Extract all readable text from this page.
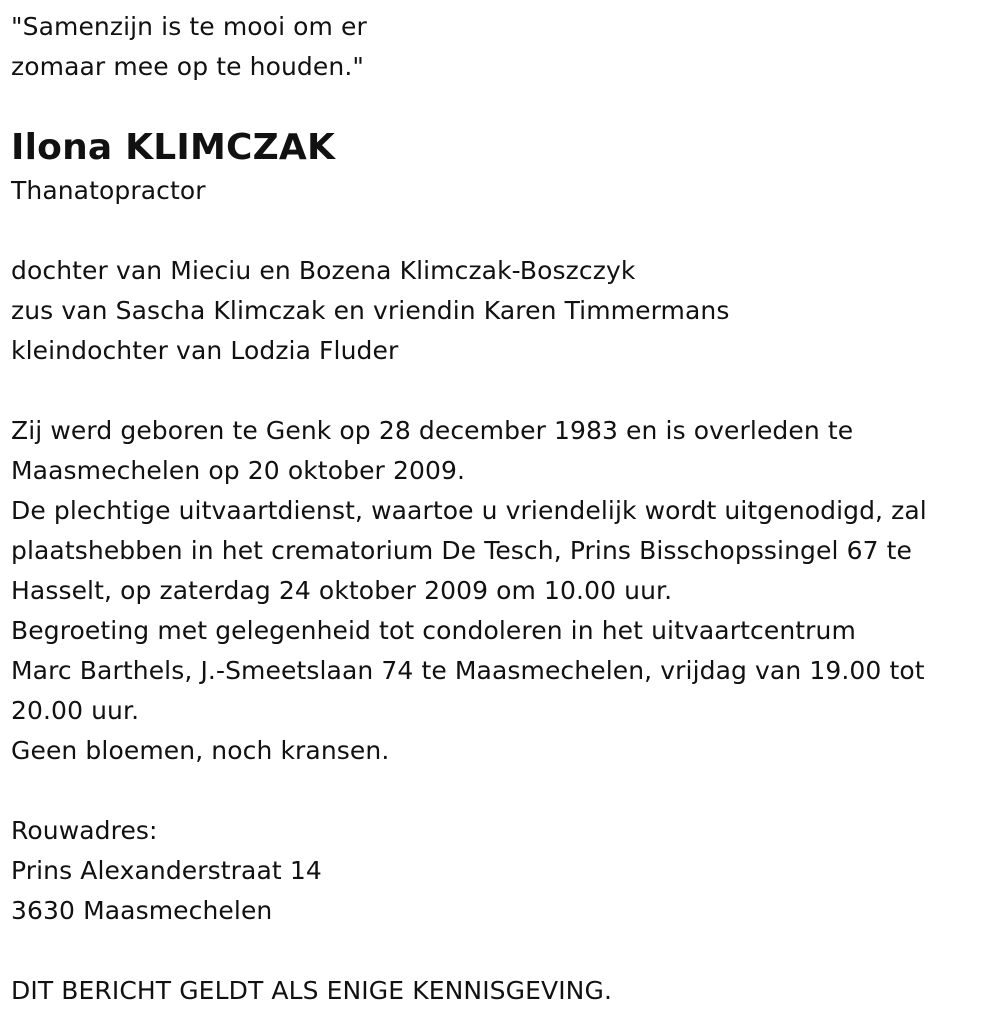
"Samenzijn is te mooi om er
zomaar mee op te houden."
Ilona KLIMCZAK
Thanatopractor
dochter van Mieciu en Bozena Klimczak-Boszczyk
zus van Sascha Klimczak en vriendin Karen Timmermans
kleindochter van Lodzia Fluder
Zij werd geboren te Genk op 28 december 1983 en is overleden te
Maasmechelen op 20 oktober 2009.
De plechtige uitvaartdienst, waartoe u vriendelijk wordt uitgenodigd, zal
plaatshebben in het crematorium De Tesch, Prins Bisschopssingel 67 te
Hasselt, op zaterdag 24 oktober 2009 om 10.00 uur.
Begroeting met gelegenheid tot condoleren in het uitvaartcentrum
Marc Barthels, J.-Smeetslaan 74 te Maasmechelen, vrijdag van 19.00 tot
20.00 uur.
Geen bloemen, noch kransen.
Rouwadres:
Prins Alexanderstraat 14
3630 Maasmechelen
DIT BERICHT GELDT ALS ENIGE KENNISGEVING.
